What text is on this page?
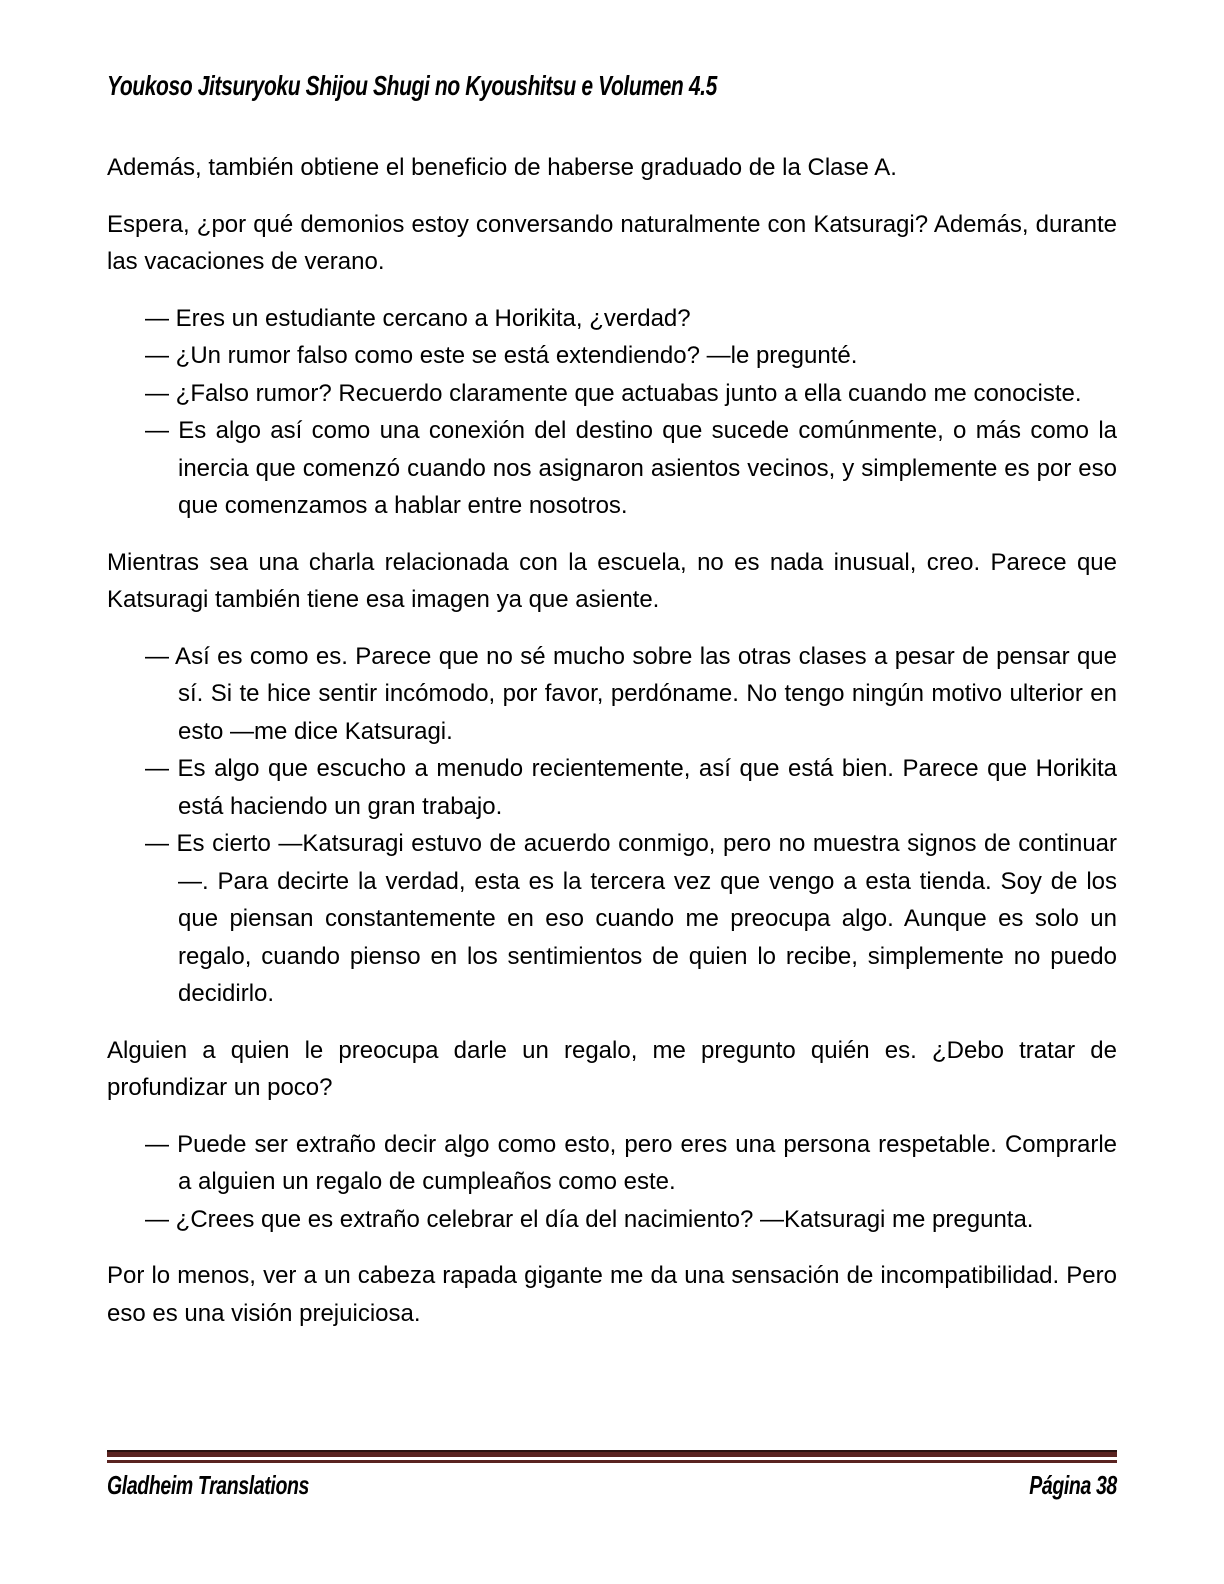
Youkoso Jitsuryoku Shijou Shugi no Kyoushitsu e Volumen 4.5

Además, también obtiene el beneficio de haberse graduado de la Clase A.

Espera, ¿por qué demonios estoy conversando naturalmente con Katsuragi? Además, durante las vacaciones de verano.

— Eres un estudiante cercano a Horikita, ¿verdad?

— ¿Un rumor falso como este se está extendiendo? —le pregunté.

— ¿Falso rumor? Recuerdo claramente que actuabas junto a ella cuando me conociste.

— Es algo así como una conexión del destino que sucede comúnmente, o más como la inercia que comenzó cuando nos asignaron asientos vecinos, y simplemente es por eso que comenzamos a hablar entre nosotros.

Mientras sea una charla relacionada con la escuela, no es nada inusual, creo. Parece que Katsuragi también tiene esa imagen ya que asiente.

— Así es como es. Parece que no sé mucho sobre las otras clases a pesar de pensar que sí. Si te hice sentir incómodo, por favor, perdóname. No tengo ningún motivo ulterior en esto —me dice Katsuragi.

— Es algo que escucho a menudo recientemente, así que está bien. Parece que Horikita está haciendo un gran trabajo.

— Es cierto —Katsuragi estuvo de acuerdo conmigo, pero no muestra signos de continuar—. Para decirte la verdad, esta es la tercera vez que vengo a esta tienda. Soy de los que piensan constantemente en eso cuando me preocupa algo. Aunque es solo un regalo, cuando pienso en los sentimientos de quien lo recibe, simplemente no puedo decidirlo.

Alguien a quien le preocupa darle un regalo, me pregunto quién es. ¿Debo tratar de profundizar un poco?

— Puede ser extraño decir algo como esto, pero eres una persona respetable. Comprarle a alguien un regalo de cumpleaños como este.

— ¿Crees que es extraño celebrar el día del nacimiento? —Katsuragi me pregunta.

Por lo menos, ver a un cabeza rapada gigante me da una sensación de incompatibilidad. Pero eso es una visión prejuiciosa.

Gladheim Translations	Página 38
